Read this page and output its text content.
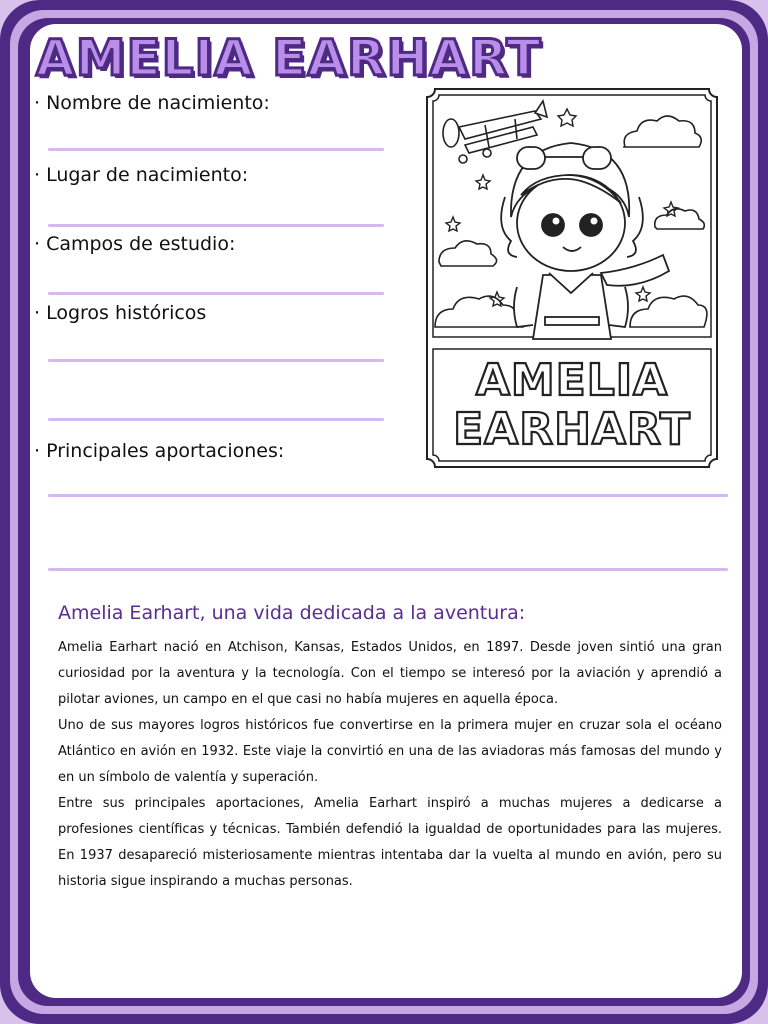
AMELIA EARHART
· Nombre de nacimiento:
· Lugar de nacimiento:
· Campos de estudio:
· Logros históricos
· Principales aportaciones:
AMELIA
EARHART
Amelia Earhart, una vida dedicada a la aventura:

Amelia Earhart nació en Atchison, Kansas, Estados Unidos, en 1897. Desde joven sintió una gran curiosidad por la aventura y la tecnología. Con el tiempo se interesó por la aviación y aprendió a pilotar aviones, un campo en el que casi no había mujeres en aquella época.

Uno de sus mayores logros históricos fue convertirse en la primera mujer en cruzar sola el océano Atlántico en avión en 1932. Este viaje la convirtió en una de las aviadoras más famosas del mundo y en un símbolo de valentía y superación.

Entre sus principales aportaciones, Amelia Earhart inspiró a muchas mujeres a dedicarse a profesiones científicas y técnicas. También defendió la igualdad de oportunidades para las mujeres. En 1937 desapareció misteriosamente mientras intentaba dar la vuelta al mundo en avión, pero su historia sigue inspirando a muchas personas.
